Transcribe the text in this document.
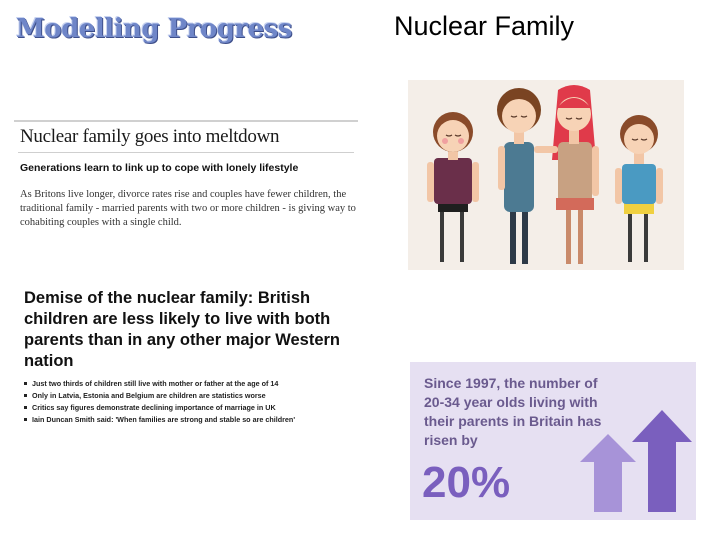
Modelling Progress	Nuclear Family
Nuclear family goes into meltdown
Generations learn to link up to cope with lonely lifestyle
As Britons live longer, divorce rates rise and couples have fewer children, the traditional family - married parents with two or more children - is giving way to cohabiting couples with a single child.
Demise of the nuclear family: British children are less likely to live with both parents than in any other major Western nation
Just two thirds of children still live with mother or father at the age of 14
Only in Latvia, Estonia and Belgium are children are statistics worse
Critics say figures demonstrate declining importance of marriage in UK
Iain Duncan Smith said: 'When families are strong and stable so are children'
Since 1997, the number of 20-34 year olds living with their parents in Britain has risen by
20%
